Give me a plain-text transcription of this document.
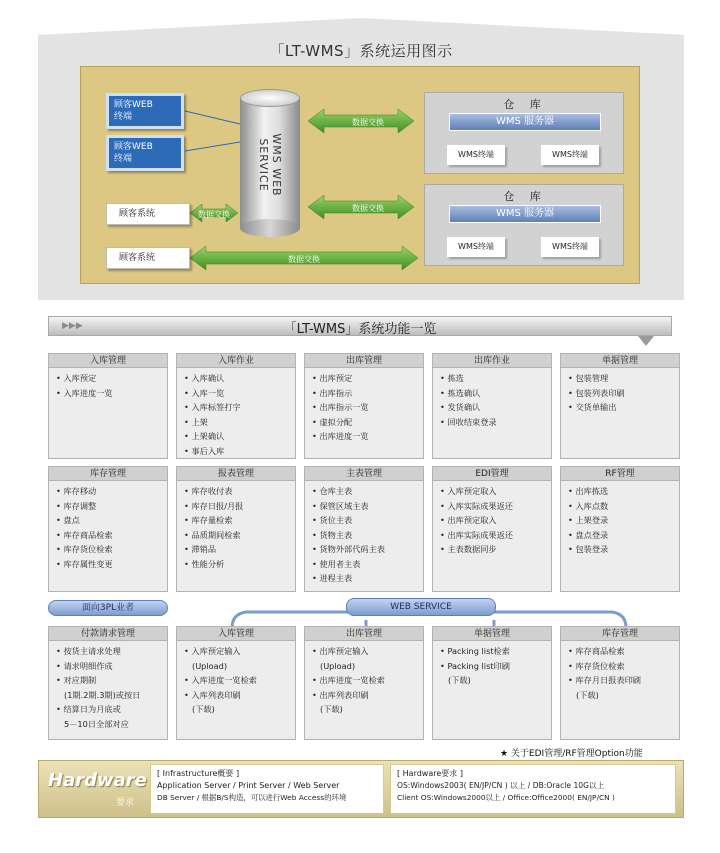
「LT-WMS」系统运用图示
数据交换
数据交换
数据交换
数据交换
顾客WEB
终端
顾客WEB
终端
顾客系统
顾客系统
WMS WEB SERVICE
仓 库
WMS 服务器
WMS终端	WMS终端
仓 库
WMS 服务器
WMS终端	WMS终端
▶▶▶	「LT-WMS」系统功能一览
入库管理
• 入库预定
• 入库进度一览
入库作业
• 入库确认
• 入库一览
• 入库标签打字
• 上架
• 上架确认
• 事后入库
出库管理
• 出库预定
• 出库指示
• 出库指示一览
• 虚拟分配
• 出库进度一览
出库作业
• 拣选
• 拣选确认
• 发货确认
• 回收结束登录
单据管理
• 包装管理
• 包装列表印刷
• 交货单输出
库存管理
• 库存移动
• 库存调整
• 盘点
• 库存商品检索
• 库存货位检索
• 库存属性变更
报表管理
• 库存收付表
• 库存日报/月报
• 库存量检索
• 品质期间检索
• 滞销品
• 性能分析
主表管理
• 仓库主表
• 保管区域主表
• 货位主表
• 货物主表
• 货物外部代码主表
• 使用者主表
• 进程主表
EDI管理
• 入库预定取入
• 入库实际成果返还
• 出库预定取入
• 出库实际成果返还
• 主表数据同步
RF管理
• 出库拣选
• 入库点数
• 上架登录
• 盘点登录
• 包装登录
面向3PL业者	WEB SERVICE
付款请求管理
• 按货主请求处理
• 请求明细作成
• 对应期制
(1期.2期.3期)或按日
• 结算日为月底或
5－10日全部对应
入库管理
• 入库预定输入
(Upload)
• 入库进度一览检索
• 入库列表印刷
(下载)
出库管理
• 出库预定输入
(Upload)
• 出库进度一览检索
• 出库列表印刷
(下载)
单据管理
• Packing list检索
• Packing list印刷
(下载)
库存管理
• 库存商品检索
• 库存货位检索
• 库存月日报表印刷
(下载)
★ 关于EDI管理/RF管理Option功能
Hardware
要求
[ Infrastructure概要 ]
Application Server / Print Server / Web Server
DB Server / 根据B/S构造，可以进行Web Access的环境
[ Hardware要求 ]
OS:Windows2003( EN/JP/CN ) 以上 / DB:Oracle 10G以上
Client OS:Windows2000以上 / Office:Office2000( EN/JP/CN )
